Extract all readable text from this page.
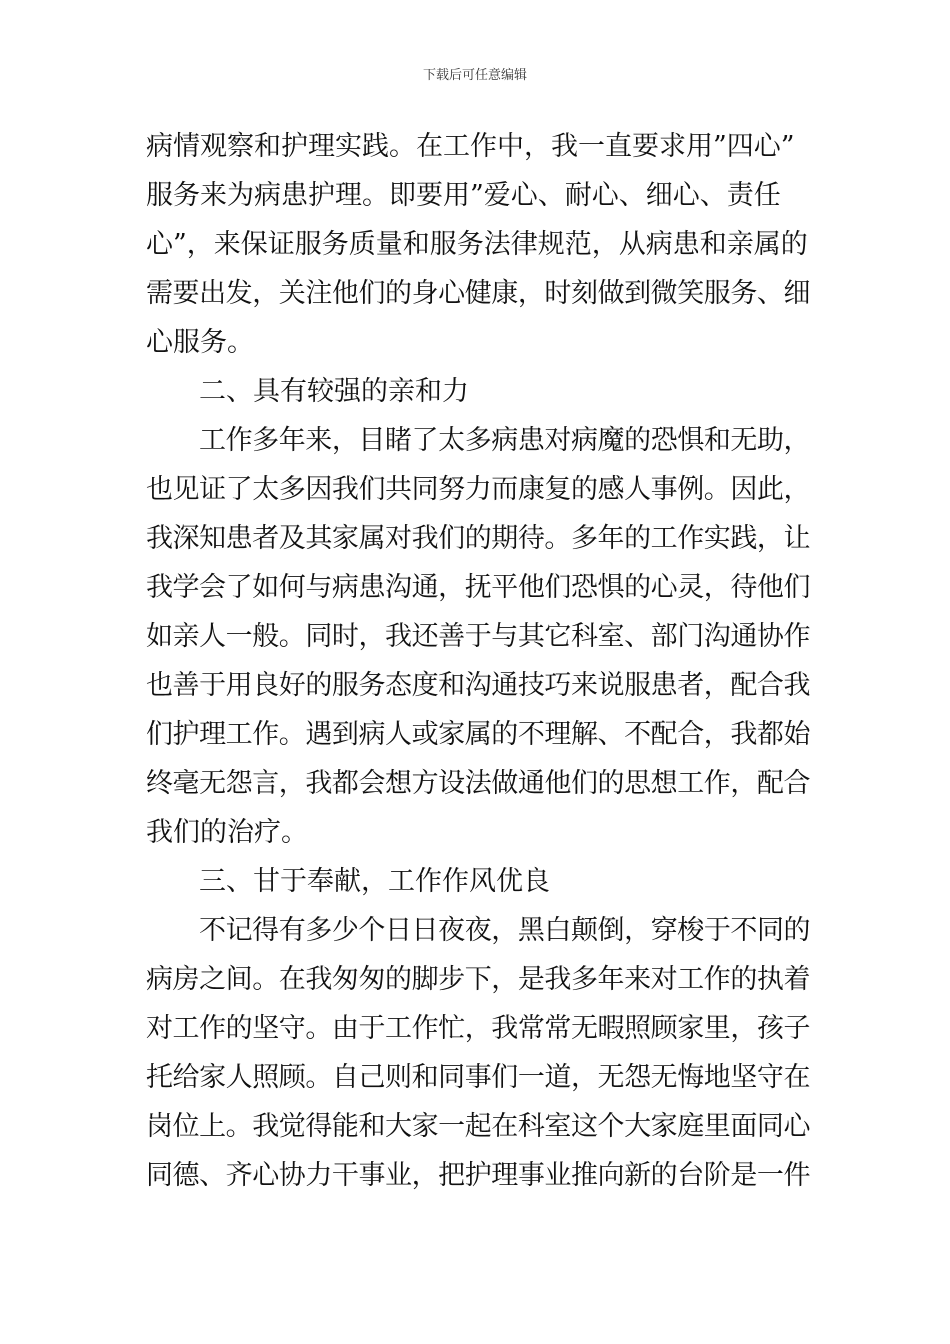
下载后可任意编辑
病情观察和护理实践。在工作中，我一直要求用”四心”
服务来为病患护理。即要用”爱心、耐心、细心、责任
心”，来保证服务质量和服务法律规范，从病患和亲属的
需要出发，关注他们的身心健康，时刻做到微笑服务、细
心服务。
二、具有较强的亲和力
工作多年来，目睹了太多病患对病魔的恐惧和无助，
也见证了太多因我们共同努力而康复的感人事例。因此，
我深知患者及其家属对我们的期待。多年的工作实践，让
我学会了如何与病患沟通，抚平他们恐惧的心灵，待他们
如亲人一般。同时，我还善于与其它科室、部门沟通协作
也善于用良好的服务态度和沟通技巧来说服患者，配合我
们护理工作。遇到病人或家属的不理解、不配合，我都始
终毫无怨言，我都会想方设法做通他们的思想工作，配合
我们的治疗。
三、甘于奉献，工作作风优良
不记得有多少个日日夜夜，黑白颠倒，穿梭于不同的
病房之间。在我匆匆的脚步下，是我多年来对工作的执着
对工作的坚守。由于工作忙，我常常无暇照顾家里，孩子
托给家人照顾。自己则和同事们一道，无怨无悔地坚守在
岗位上。我觉得能和大家一起在科室这个大家庭里面同心
同德、齐心协力干事业，把护理事业推向新的台阶是一件
